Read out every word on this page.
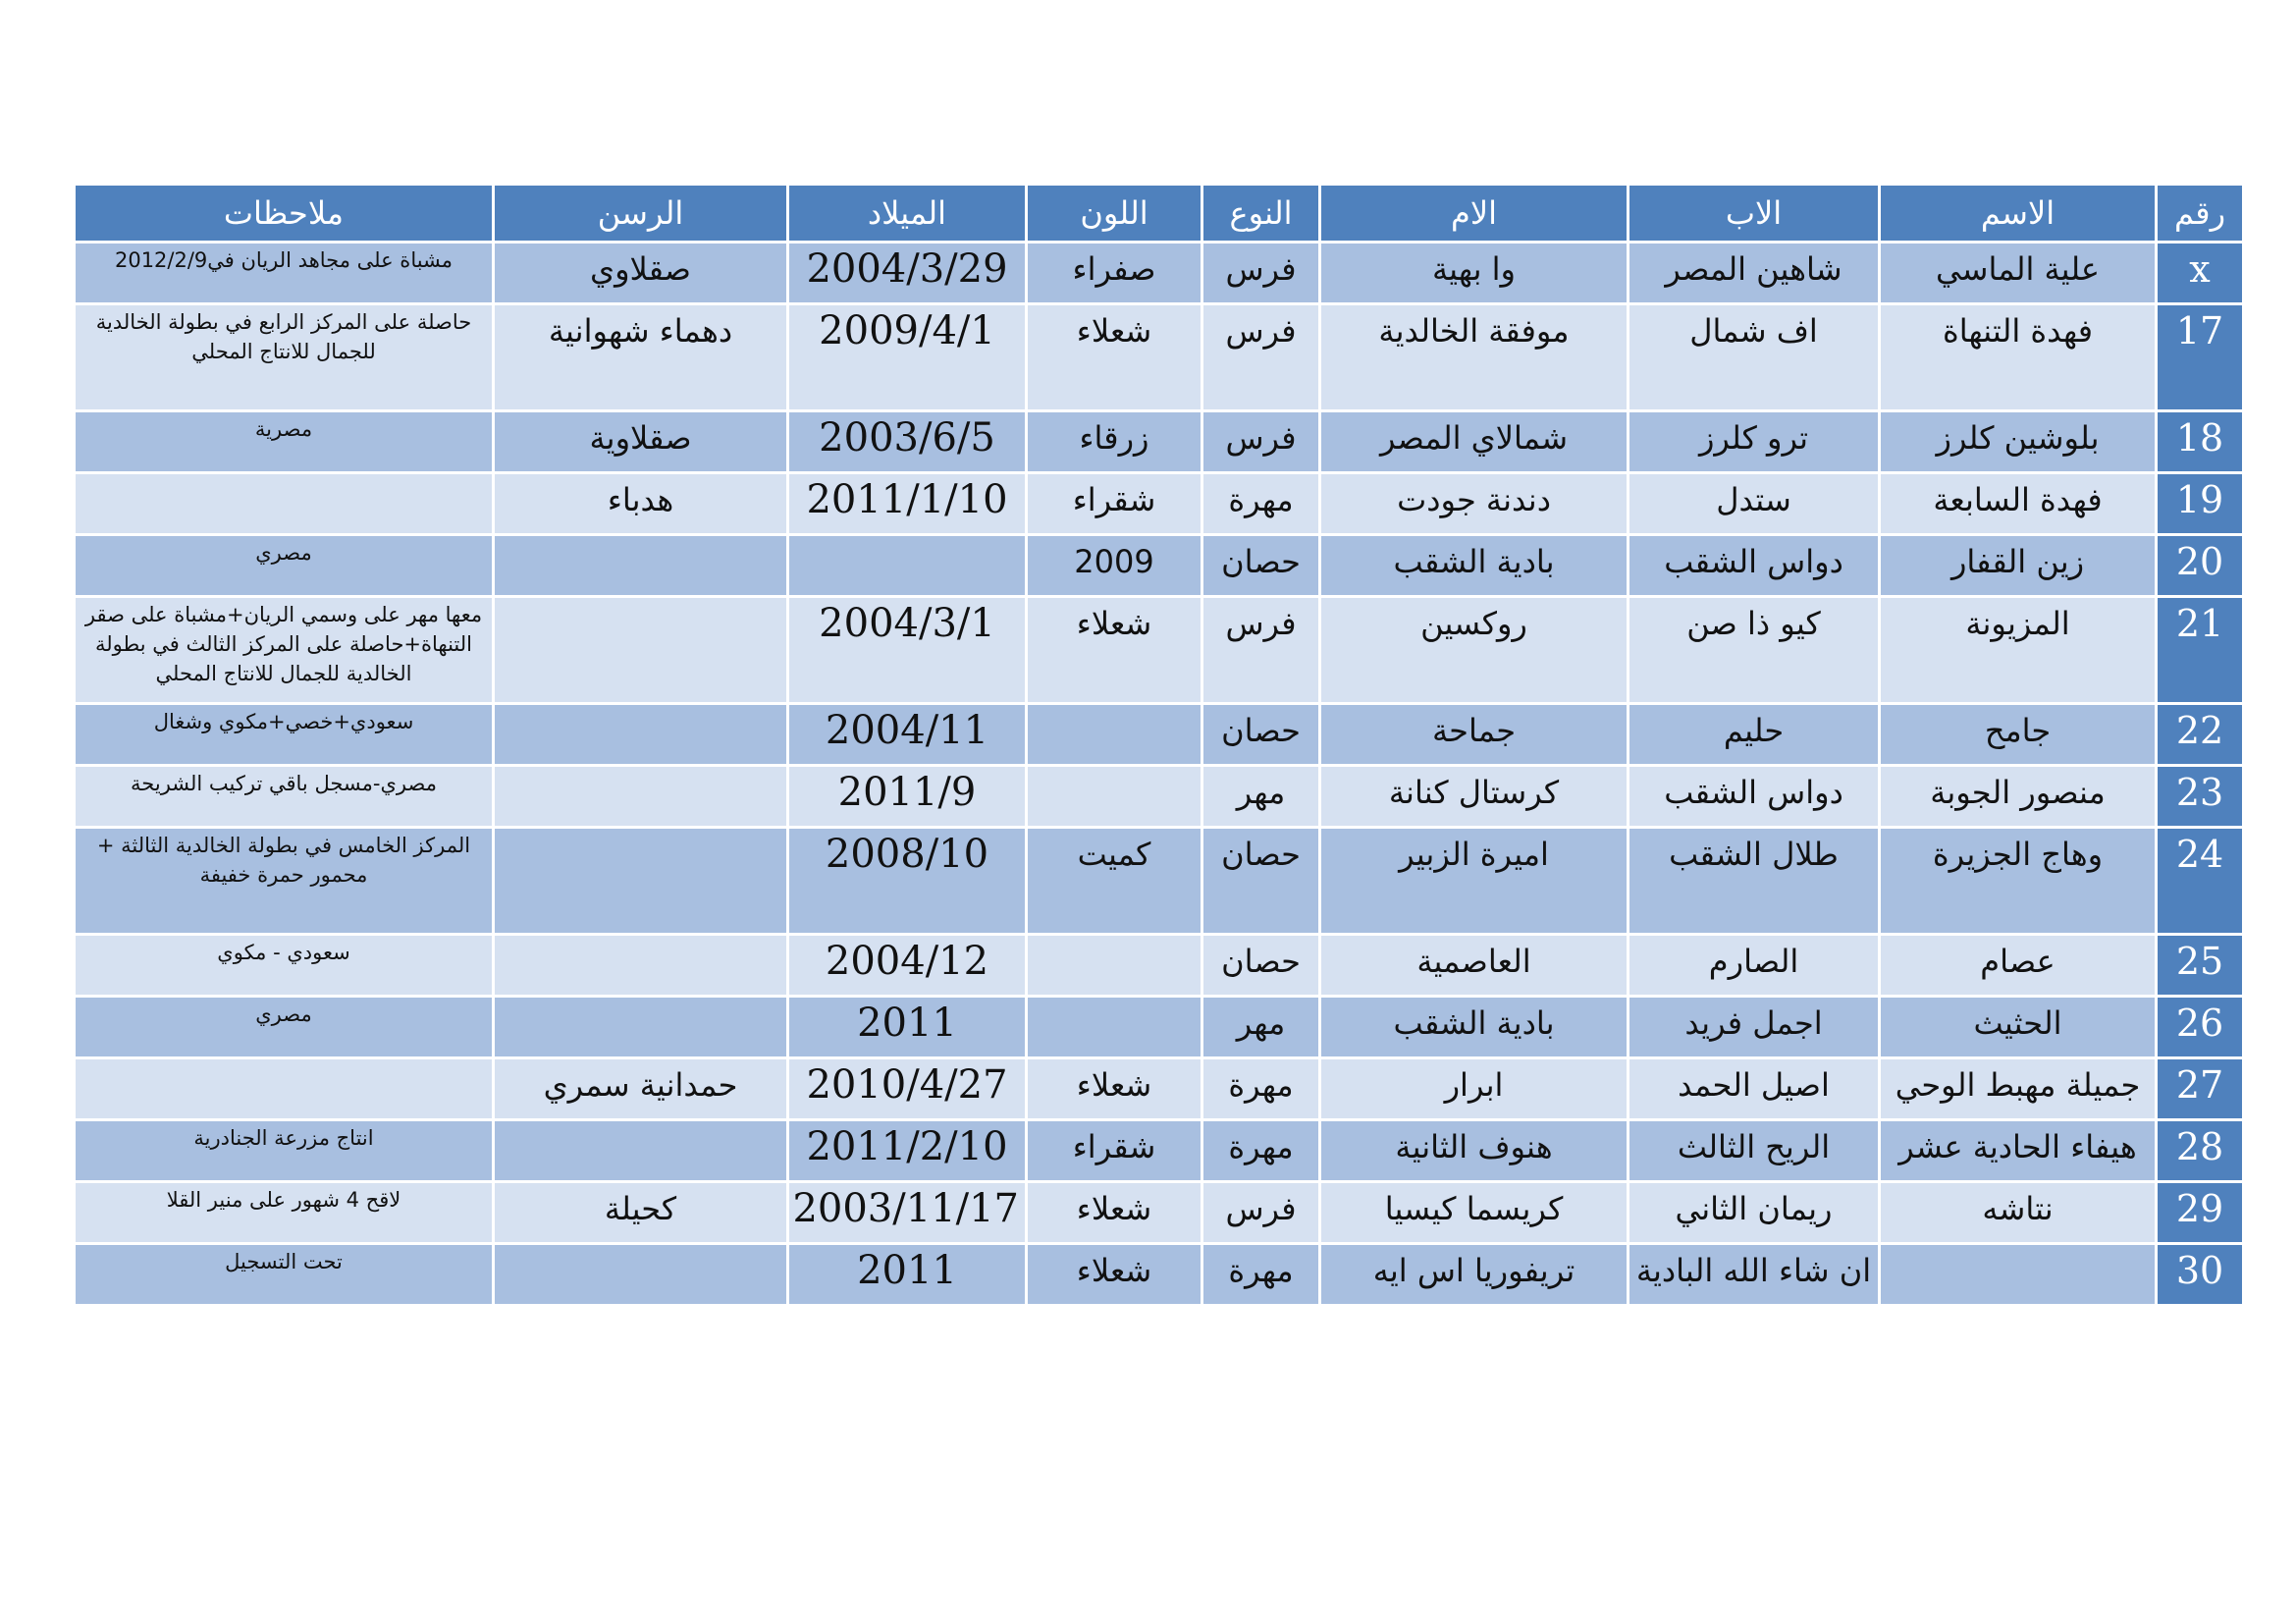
رقم	الاسم	الاب	الام	النوع	اللون	الميلاد	الرسن	ملاحظات
x	علية الماسي	شاهين المصر	وا بهية	فرس	صفراء	2004/3/29	صقلاوي	مشباة على مجاهد الريان في2012/2/9
17	فهدة التنهاة	اف شمال	موفقة الخالدية	فرس	شعلاء	2009/4/1	دهماء شهوانية	حاصلة على المركز الرابع في بطولة الخالدية للجمال للانتاج المحلي
18	بلوشين كلرز	ترو كلرز	شمالاي المصر	فرس	زرقاء	2003/6/5	صقلاوية	مصرية
19	فهدة السابعة	ستدل	دندنة جودت	مهرة	شقراء	2011/1/10	هدباء	
20	زين القفار	دواس الشقب	بادية الشقب	حصان	2009			مصري
21	المزيونة	كيو ذا صن	روكسين	فرس	شعلاء	2004/3/1		معها مهر على وسمي الريان+مشباة على صقر التنهاة+حاصلة على المركز الثالث في بطولة الخالدية للجمال للانتاج المحلي
22	جامح	حليم	جماحة	حصان		2004/11		سعودي+خصي+مكوي وشغال
23	منصور الجوبة	دواس الشقب	كرستال كنانة	مهر		2011/9		مصري-مسجل باقي تركيب الشريحة
24	وهاج الجزيرة	طلال الشقب	اميرة الزبير	حصان	كميت	2008/10		المركز الخامس في بطولة الخالدية الثالثة + محمور حمرة خفيفة
25	عصام	الصارم	العاصمية	حصان		2004/12		سعودي - مكوي
26	الحثيث	اجمل فريد	بادية الشقب	مهر		2011		مصري
27	جميلة مهبط الوحي	اصيل الحمد	ابرار	مهرة	شعلاء	2010/4/27	حمدانية سمري	
28	هيفاء الحادية عشر	الريح الثالث	هنوف الثانية	مهرة	شقراء	2011/2/10		انتاج مزرعة الجنادرية
29	نتاشه	ريمان الثاني	كريسما كيسيا	فرس	شعلاء	2003/11/17	كحيلة	لاقح 4 شهور على منير القلا
30		ان شاء الله البادية	تريفوريا اس ايه	مهرة	شعلاء	2011		تحت التسجيل
